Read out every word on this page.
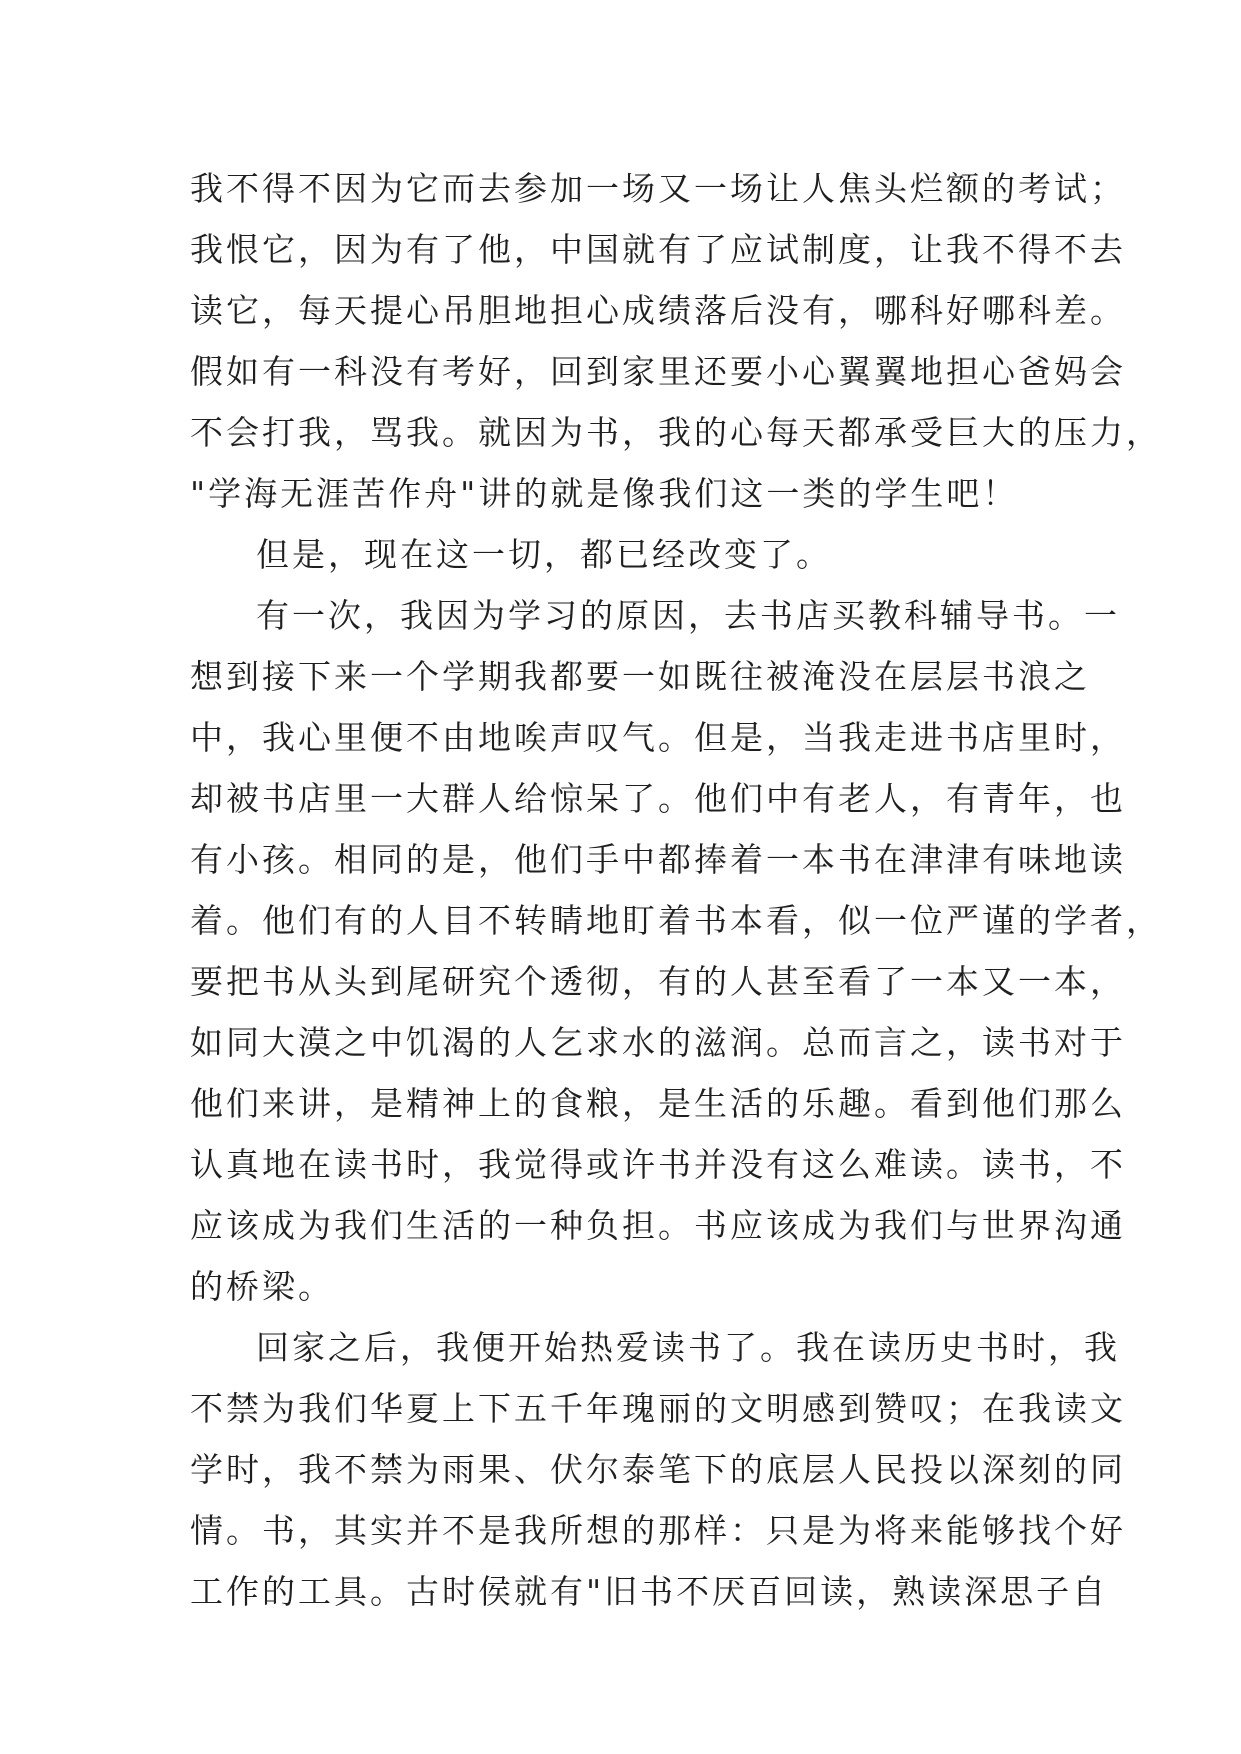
我不得不因为它而去参加一场又一场让人焦头烂额的考试；
我恨它，因为有了他，中国就有了应试制度，让我不得不去
读它，每天提心吊胆地担心成绩落后没有，哪科好哪科差。
假如有一科没有考好，回到家里还要小心翼翼地担心爸妈会
不会打我，骂我。就因为书，我的心每天都承受巨大的压力，
"学海无涯苦作舟"讲的就是像我们这一类的学生吧！
但是，现在这一切，都已经改变了。
有一次，我因为学习的原因，去书店买教科辅导书。一
想到接下来一个学期我都要一如既往被淹没在层层书浪之
中，我心里便不由地唉声叹气。但是，当我走进书店里时，
却被书店里一大群人给惊呆了。他们中有老人，有青年，也
有小孩。相同的是，他们手中都捧着一本书在津津有味地读
着。他们有的人目不转睛地盯着书本看，似一位严谨的学者，
要把书从头到尾研究个透彻，有的人甚至看了一本又一本，
如同大漠之中饥渴的人乞求水的滋润。总而言之，读书对于
他们来讲，是精神上的食粮，是生活的乐趣。看到他们那么
认真地在读书时，我觉得或许书并没有这么难读。读书，不
应该成为我们生活的一种负担。书应该成为我们与世界沟通
的桥梁。
回家之后，我便开始热爱读书了。我在读历史书时，我
不禁为我们华夏上下五千年瑰丽的文明感到赞叹；在我读文
学时，我不禁为雨果、伏尔泰笔下的底层人民投以深刻的同
情。书，其实并不是我所想的那样：只是为将来能够找个好
工作的工具。古时侯就有"旧书不厌百回读，熟读深思子自
